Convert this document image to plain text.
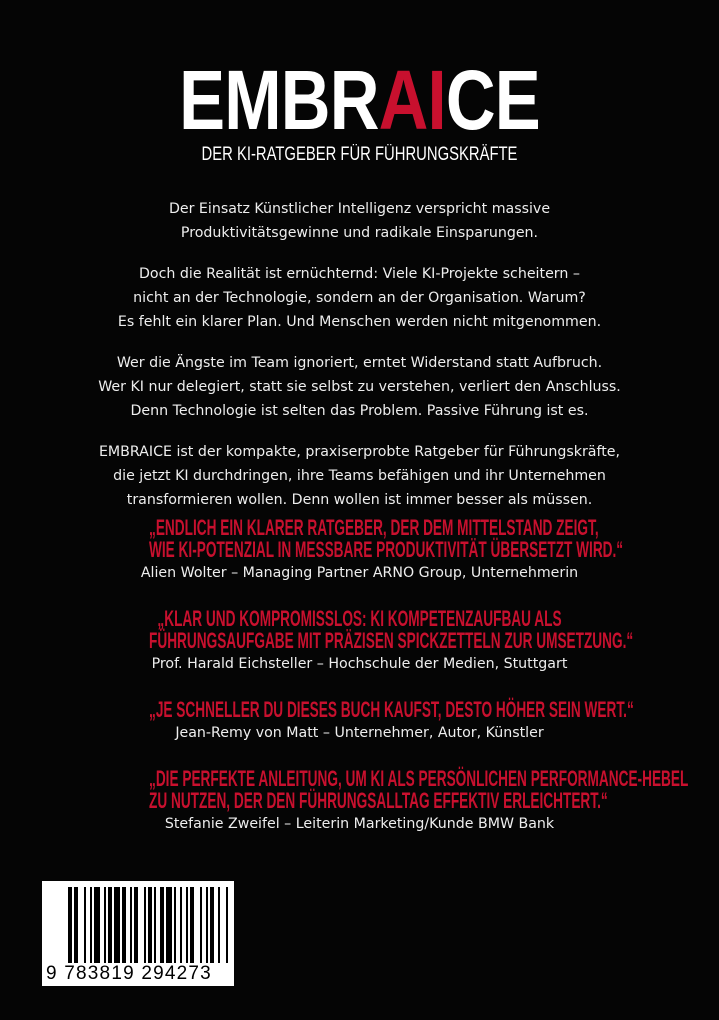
EMBRAICE
DER KI-RATGEBER FÜR FÜHRUNGSKRÄFTE

Der Einsatz Künstlicher Intelligenz verspricht massive
Produktivitätsgewinne und radikale Einsparungen.

Doch die Realität ist ernüchternd: Viele KI-Projekte scheitern –
nicht an der Technologie, sondern an der Organisation. Warum?
Es fehlt ein klarer Plan. Und Menschen werden nicht mitgenommen.

Wer die Ängste im Team ignoriert, erntet Widerstand statt Aufbruch.
Wer KI nur delegiert, statt sie selbst zu verstehen, verliert den Anschluss.
Denn Technologie ist selten das Problem. Passive Führung ist es.

EMBRAICE ist der kompakte, praxiserprobte Ratgeber für Führungskräfte,
die jetzt KI durchdringen, ihre Teams befähigen und ihr Unternehmen
transformieren wollen. Denn wollen ist immer besser als müssen.

„ENDLICH EIN KLARER RATGEBER, DER DEM MITTELSTAND ZEIGT,
WIE KI-POTENZIAL IN MESSBARE PRODUKTIVITÄT ÜBERSETZT WIRD.“
Alien Wolter – Managing Partner ARNO Group, Unternehmerin
„KLAR UND KOMPROMISSLOS: KI KOMPETENZAUFBAU ALS
FÜHRUNGSAUFGABE MIT PRÄZISEN SPICKZETTELN ZUR UMSETZUNG.“
Prof. Harald Eichsteller – Hochschule der Medien, Stuttgart
„JE SCHNELLER DU DIESES BUCH KAUFST, DESTO HÖHER SEIN WERT.“
Jean-Remy von Matt – Unternehmer, Autor, Künstler
„DIE PERFEKTE ANLEITUNG, UM KI ALS PERSÖNLICHEN PERFORMANCE-HEBEL
ZU NUTZEN, DER DEN FÜHRUNGSALLTAG EFFEKTIV ERLEICHTERT.“
Stefanie Zweifel – Leiterin Marketing/Kunde BMW Bank
9 783819 294273
